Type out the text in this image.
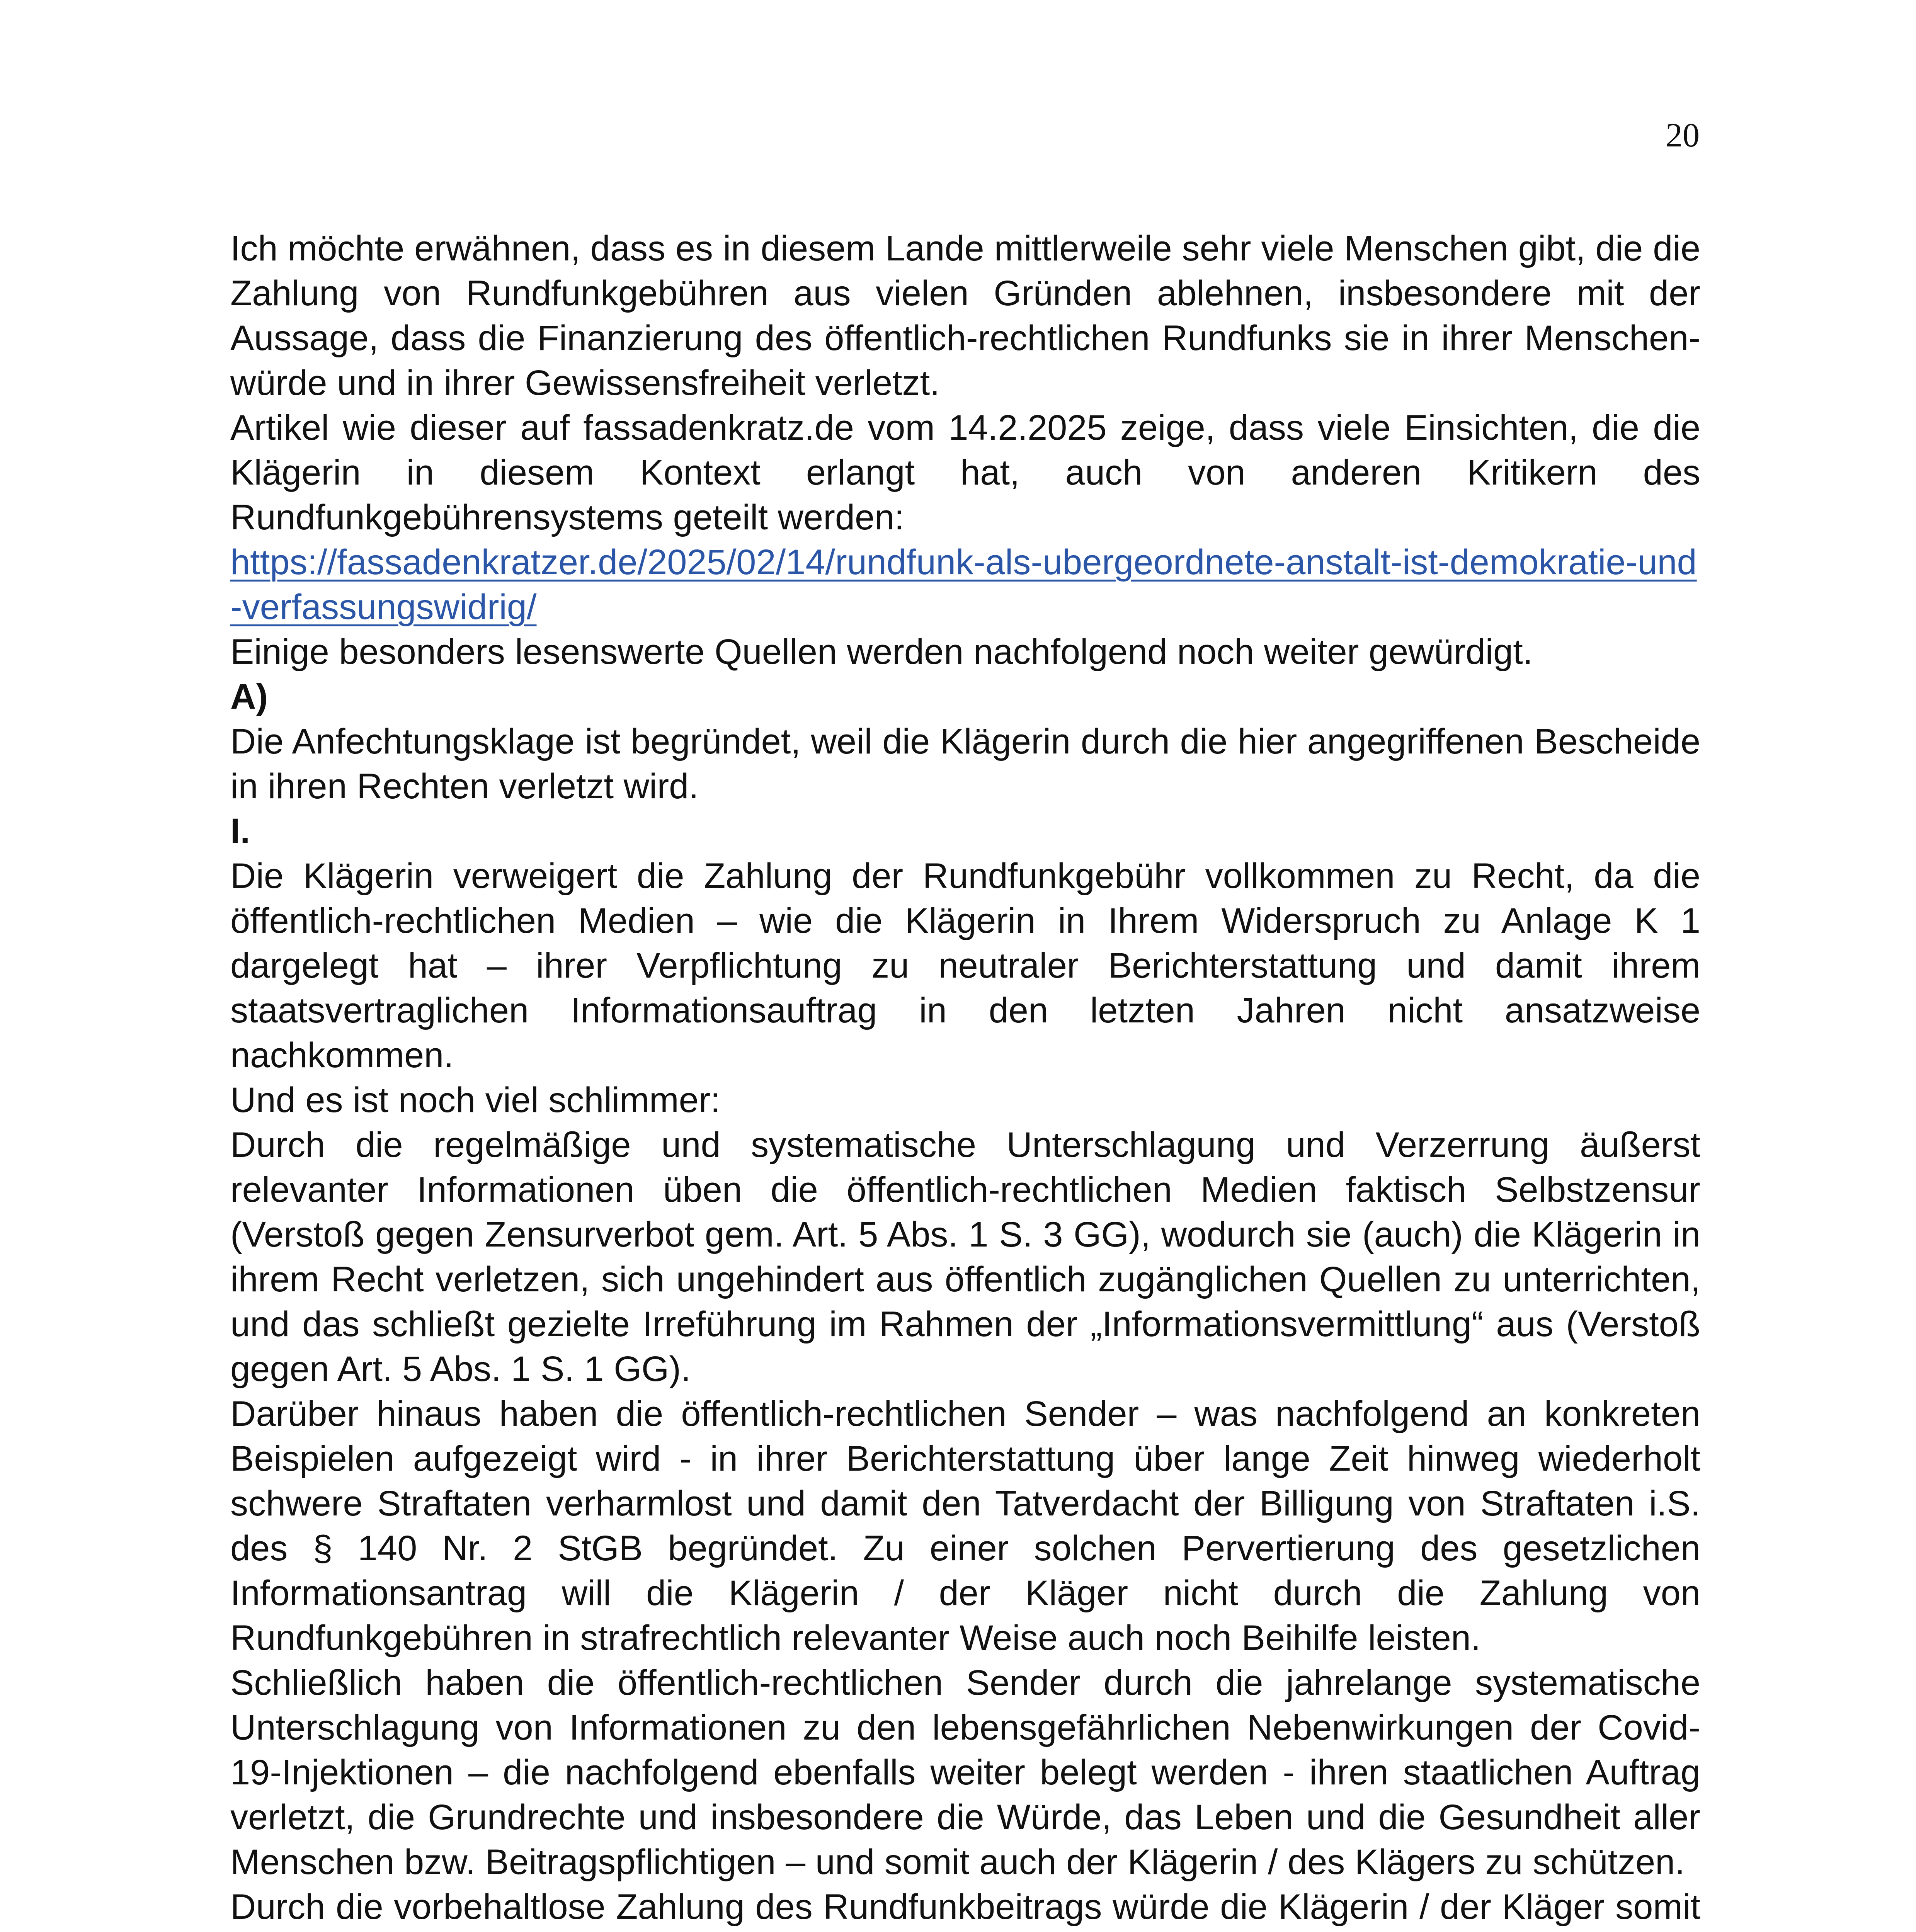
20

Ich möchte erwähnen, dass es in diesem Lande mittlerweile sehr viele Menschen gibt, die die Zahlung von Rundfunkgebühren aus vielen Gründen ablehnen, insbesondere mit der Aussage, dass die Finanzierung des öffentlich-rechtlichen Rundfunks sie in ihrer Menschen-würde und in ihrer Gewissensfreiheit verletzt.

Artikel wie dieser auf fassadenkratz.de vom 14.2.2025 zeige, dass viele Einsichten, die die Klägerin in diesem Kontext erlangt hat, auch von anderen Kritikern des Rundfunkgebührensystems geteilt werden:

https://fassadenkratzer.de/2025/02/14/rundfunk-als-ubergeordnete-anstalt-ist-demokratie-und-verfassungswidrig/

Einige besonders lesenswerte Quellen werden nachfolgend noch weiter gewürdigt.

A)

Die Anfechtungsklage ist begründet, weil die Klägerin durch die hier angegriffenen Bescheide in ihren Rechten verletzt wird.

I.

Die Klägerin verweigert die Zahlung der Rundfunkgebühr vollkommen zu Recht, da die öffentlich-rechtlichen Medien – wie die Klägerin in Ihrem Widerspruch zu Anlage K 1 dargelegt hat – ihrer Verpflichtung zu neutraler Berichterstattung und damit ihrem staatsvertraglichen Informationsauftrag in den letzten Jahren nicht ansatzweise nachkommen.

Und es ist noch viel schlimmer:

Durch die regelmäßige und systematische Unterschlagung und Verzerrung äußerst relevanter Informationen üben die öffentlich-rechtlichen Medien faktisch Selbstzensur (Verstoß gegen Zensurverbot gem. Art. 5 Abs. 1 S. 3 GG), wodurch sie (auch) die Klägerin in ihrem Recht verletzen, sich ungehindert aus öffentlich zugänglichen Quellen zu unterrichten, und das schließt gezielte Irreführung im Rahmen der „Informationsvermittlung“ aus (Verstoß gegen Art. 5 Abs. 1 S. 1 GG).

Darüber hinaus haben die öffentlich-rechtlichen Sender – was nachfolgend an konkreten Beispielen aufgezeigt wird - in ihrer Berichterstattung über lange Zeit hinweg wiederholt schwere Straftaten verharmlost und damit den Tatverdacht der Billigung von Straftaten i.S. des § 140 Nr. 2 StGB begründet. Zu einer solchen Pervertierung des gesetzlichen Informationsantrag will die Klägerin / der Kläger nicht durch die Zahlung von Rundfunkgebühren in strafrechtlich relevanter Weise auch noch Beihilfe leisten.

Schließlich haben die öffentlich-rechtlichen Sender durch die jahrelange systematische Unterschlagung von Informationen zu den lebensgefährlichen Nebenwirkungen der Covid-19-Injektionen – die nachfolgend ebenfalls weiter belegt werden - ihren staatlichen Auftrag verletzt, die Grundrechte und insbesondere die Würde, das Leben und die Gesundheit aller Menschen bzw. Beitragspflichtigen – und somit auch der Klägerin / des Klägers zu schützen.

Durch die vorbehaltlose Zahlung des Rundfunkbeitrags würde die Klägerin / der Kläger somit
